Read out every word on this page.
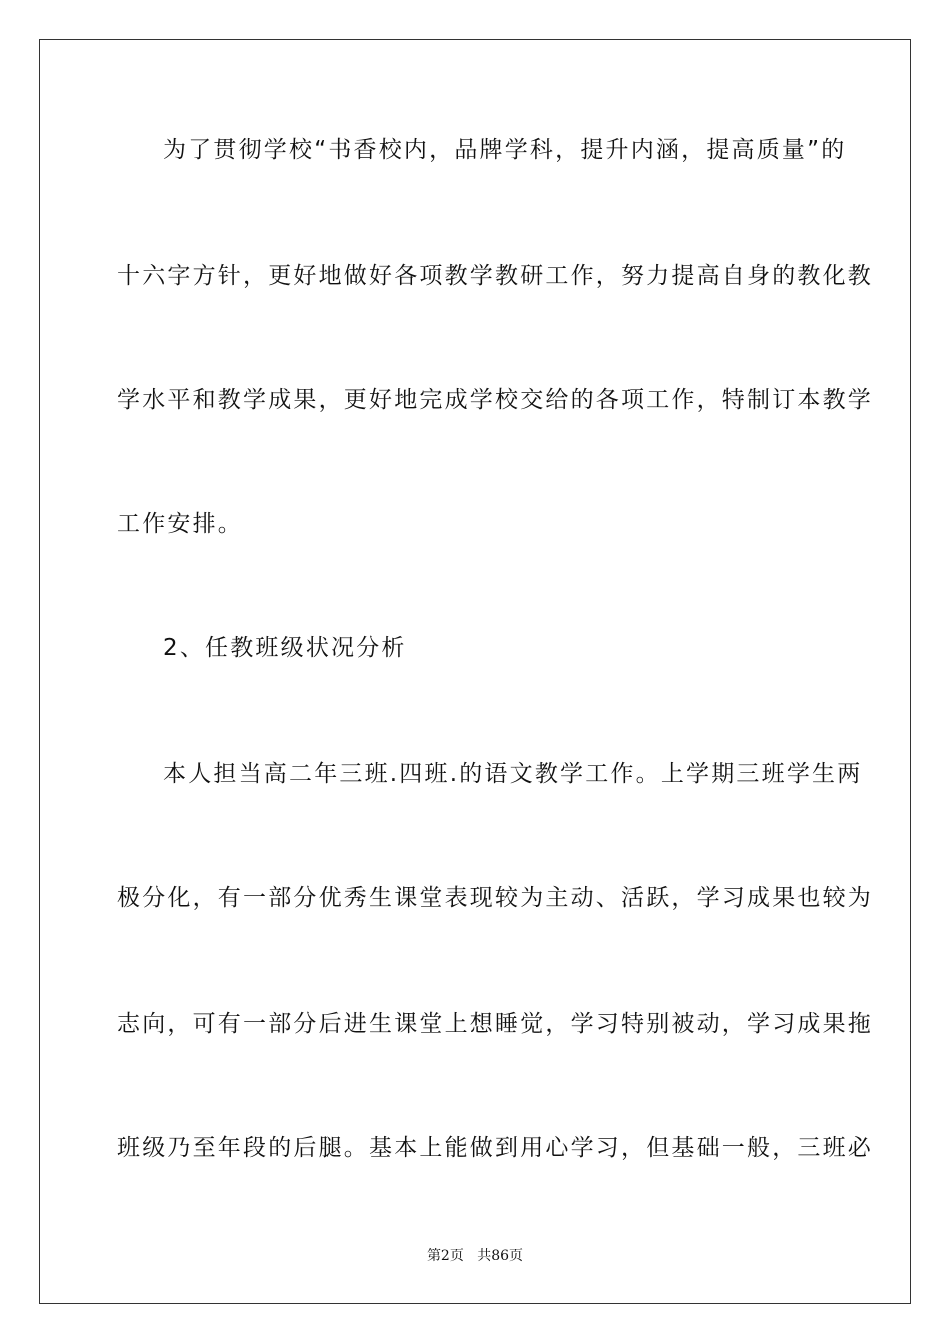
为了贯彻学校“书香校内，品牌学科，提升内涵，提高质量”的
十六字方针，更好地做好各项教学教研工作，努力提高自身的教化教
学水平和教学成果，更好地完成学校交给的各项工作，特制订本教学
工作安排。
2、任教班级状况分析
本人担当高二年三班.四班.的语文教学工作。上学期三班学生两
极分化，有一部分优秀生课堂表现较为主动、活跃，学习成果也较为
志向，可有一部分后进生课堂上想睡觉，学习特别被动，学习成果拖
班级乃至年段的后腿。基本上能做到用心学习，但基础一般，三班必
第2页 共86页
